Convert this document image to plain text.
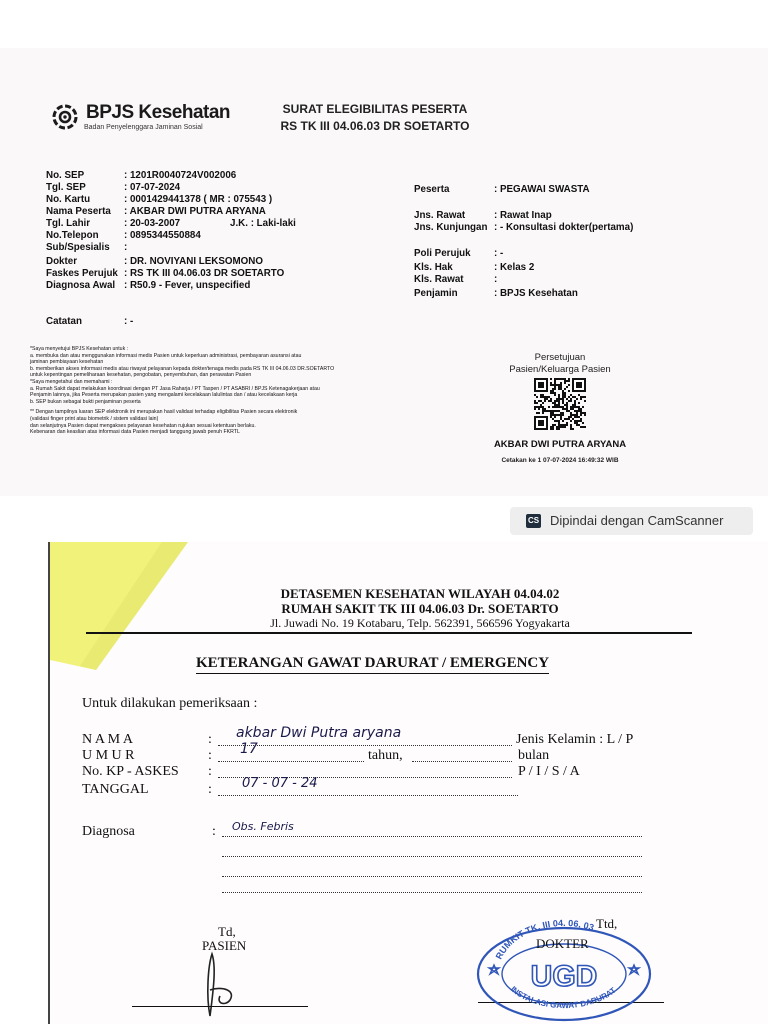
BPJS Kesehatan
Badan Penyelenggara Jaminan Sosial
SURAT ELEGIBILITAS PESERTA
RS TK III 04.06.03 DR SOETARTO
No. SEP	: 1201R0040724V002006
Tgl. SEP	: 07-07-2024
No. Kartu	: 0001429441378 ( MR : 075543 )
Nama Peserta : AKBAR DWI PUTRA ARYANA
Tgl. Lahir	: 20-03-2007	J.K. : Laki-laki
No.Telepon	: 0895344550884
Sub/Spesialis :
Dokter	: DR. NOVIYANI LEKSOMONO
Faskes Perujuk : RS TK III 04.06.03 DR SOETARTO
Diagnosa Awal : R50.9 - Fever, unspecified
Catatan	: -
Peserta	: PEGAWAI SWASTA
Jns. Rawat	: Rawat Inap
Jns. Kunjungan : - Konsultasi dokter(pertama)
Poli Perujuk : -
Kls. Hak	: Kelas 2
Kls. Rawat	:
Penjamin	: BPJS Kesehatan
*Saya menyetujui BPJS Kesehatan untuk :
a. membuka dan atau menggunakan informasi medis Pasien untuk keperluan administrasi, pembayaran asuransi atau
jaminan pembiayaan kesehatan
b. memberikan akses informasi medis atau riwayat pelayanan kepada dokter/tenaga medis pada RS TK III 04.06.03 DR.SOETARTO
untuk kepentingan pemeliharaan kesehatan, pengobatan, penyembuhan, dan perawatan Pasien
*Saya mengetahui dan memahami :
a. Rumah Sakit dapat melakukan koordinasi dengan PT Jasa Raharja / PT Taspen / PT ASABRI / BPJS Ketenagakerjaan atau
Penjamin lainnya, jika Peserta merupakan pasien yang mengalami kecelakaan lalulintas dan / atau kecelakaan kerja
b. SEP bukan sebagai bukti penjaminan peserta
** Dengan tampilnya luaran SEP elektronik ini merupakan hasil validasi terhadap eligibilitas Pasien secara elektronik
(validasi finger print atau biometrik / sistem validasi lain)
dan selanjutnya Pasien dapat mengakses pelayanan kesehatan rujukan sesuai ketentuan berlaku.
Kebenaran dan keaslian atas informasi data Pasien menjadi tanggung jawab penuh FKRTL
Persetujuan
Pasien/Keluarga Pasien
AKBAR DWI PUTRA ARYANA
Cetakan ke 1 07-07-2024 16:49:32 WIB
CS Dipindai dengan CamScanner
DETASEMEN KESEHATAN WILAYAH 04.04.02
RUMAH SAKIT TK III 04.06.03 Dr. SOETARTO
Jl. Juwadi No. 19 Kotabaru, Telp. 562391, 566596 Yogyakarta
KETERANGAN GAWAT DARURAT / EMERGENCY
Untuk dilakukan pemeriksaan :
N A M A	: akbar Dwi Putra aryana	Jenis Kelamin : L / P
U M U R	: 17	tahun,	bulan
No. KP - ASKES :	P / I / S / A
TANGGAL	: 07 - 07 - 24
Diagnosa	: Obs. Febris
Td,
PASIEN
RUMKIT TK. III 04. 06. 03
UGD
INSTALASI GAWAT DARURAT
Ttd,
DOKTER
